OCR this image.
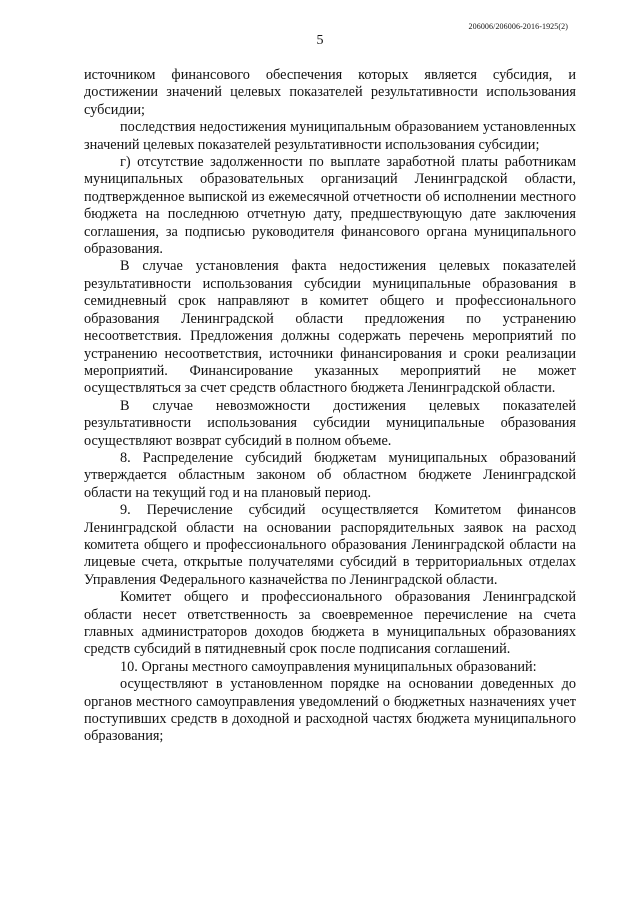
206006/206006-2016-1925(2)
5

источником финансового обеспечения которых является субсидия, и достижении значений целевых показателей результативности использования субсидии;

последствия недостижения муниципальным образованием установленных значений целевых показателей результативности использования субсидии;

г) отсутствие задолженности по выплате заработной платы работникам муниципальных образовательных организаций Ленинградской области, подтвержденное выпиской из ежемесячной отчетности об исполнении местного бюджета на последнюю отчетную дату, предшествующую дате заключения соглашения, за подписью руководителя финансового органа муниципального образования.

В случае установления факта недостижения целевых показателей результативности использования субсидии муниципальные образования в семидневный срок направляют в комитет общего и профессионального образования Ленинградской области предложения по устранению несоответствия. Предложения должны содержать перечень мероприятий по устранению несоответствия, источники финансирования и сроки реализации мероприятий. Финансирование указанных мероприятий не может осуществляться за счет средств областного бюджета Ленинградской области.

В случае невозможности достижения целевых показателей результативности использования субсидии муниципальные образования осуществляют возврат субсидий в полном объеме.

8. Распределение субсидий бюджетам муниципальных образований утверждается областным законом об областном бюджете Ленинградской области на текущий год и на плановый период.

9. Перечисление субсидий осуществляется Комитетом финансов Ленинградской области на основании распорядительных заявок на расход комитета общего и профессионального образования Ленинградской области на лицевые счета, открытые получателями субсидий в территориальных отделах Управления Федерального казначейства по Ленинградской области.

Комитет общего и профессионального образования Ленинградской области несет ответственность за своевременное перечисление на счета главных администраторов доходов бюджета в муниципальных образованиях средств субсидий в пятидневный срок после подписания соглашений.

10. Органы местного самоуправления муниципальных образований:

осуществляют в установленном порядке на основании доведенных до органов местного самоуправления уведомлений о бюджетных назначениях учет поступивших средств в доходной и расходной частях бюджета муниципального образования;
